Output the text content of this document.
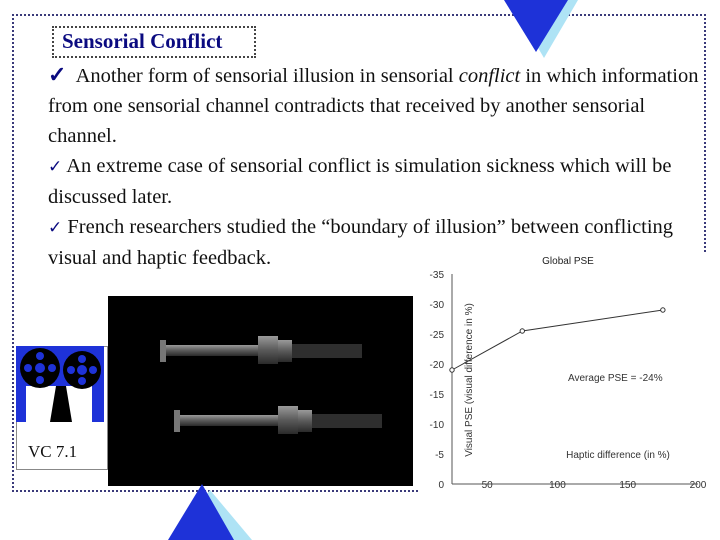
Sensorial Conflict

✓ Another form of sensorial illusion in sensorial conflict in which information from one sensorial channel contradicts that received by another sensorial channel.

✓ An extreme case of sensorial conflict is simulation sickness which will be discussed later.

✓ French researchers studied the “boundary of illusion” between conflicting visual and haptic feedback.

VC 7.1
Global PSE
0
-5
-10
-15
-20
-25
-30
-35
50	100	150	200
Visual PSE (visual difference in %)	Haptic difference (in %)
Average PSE = -24%
